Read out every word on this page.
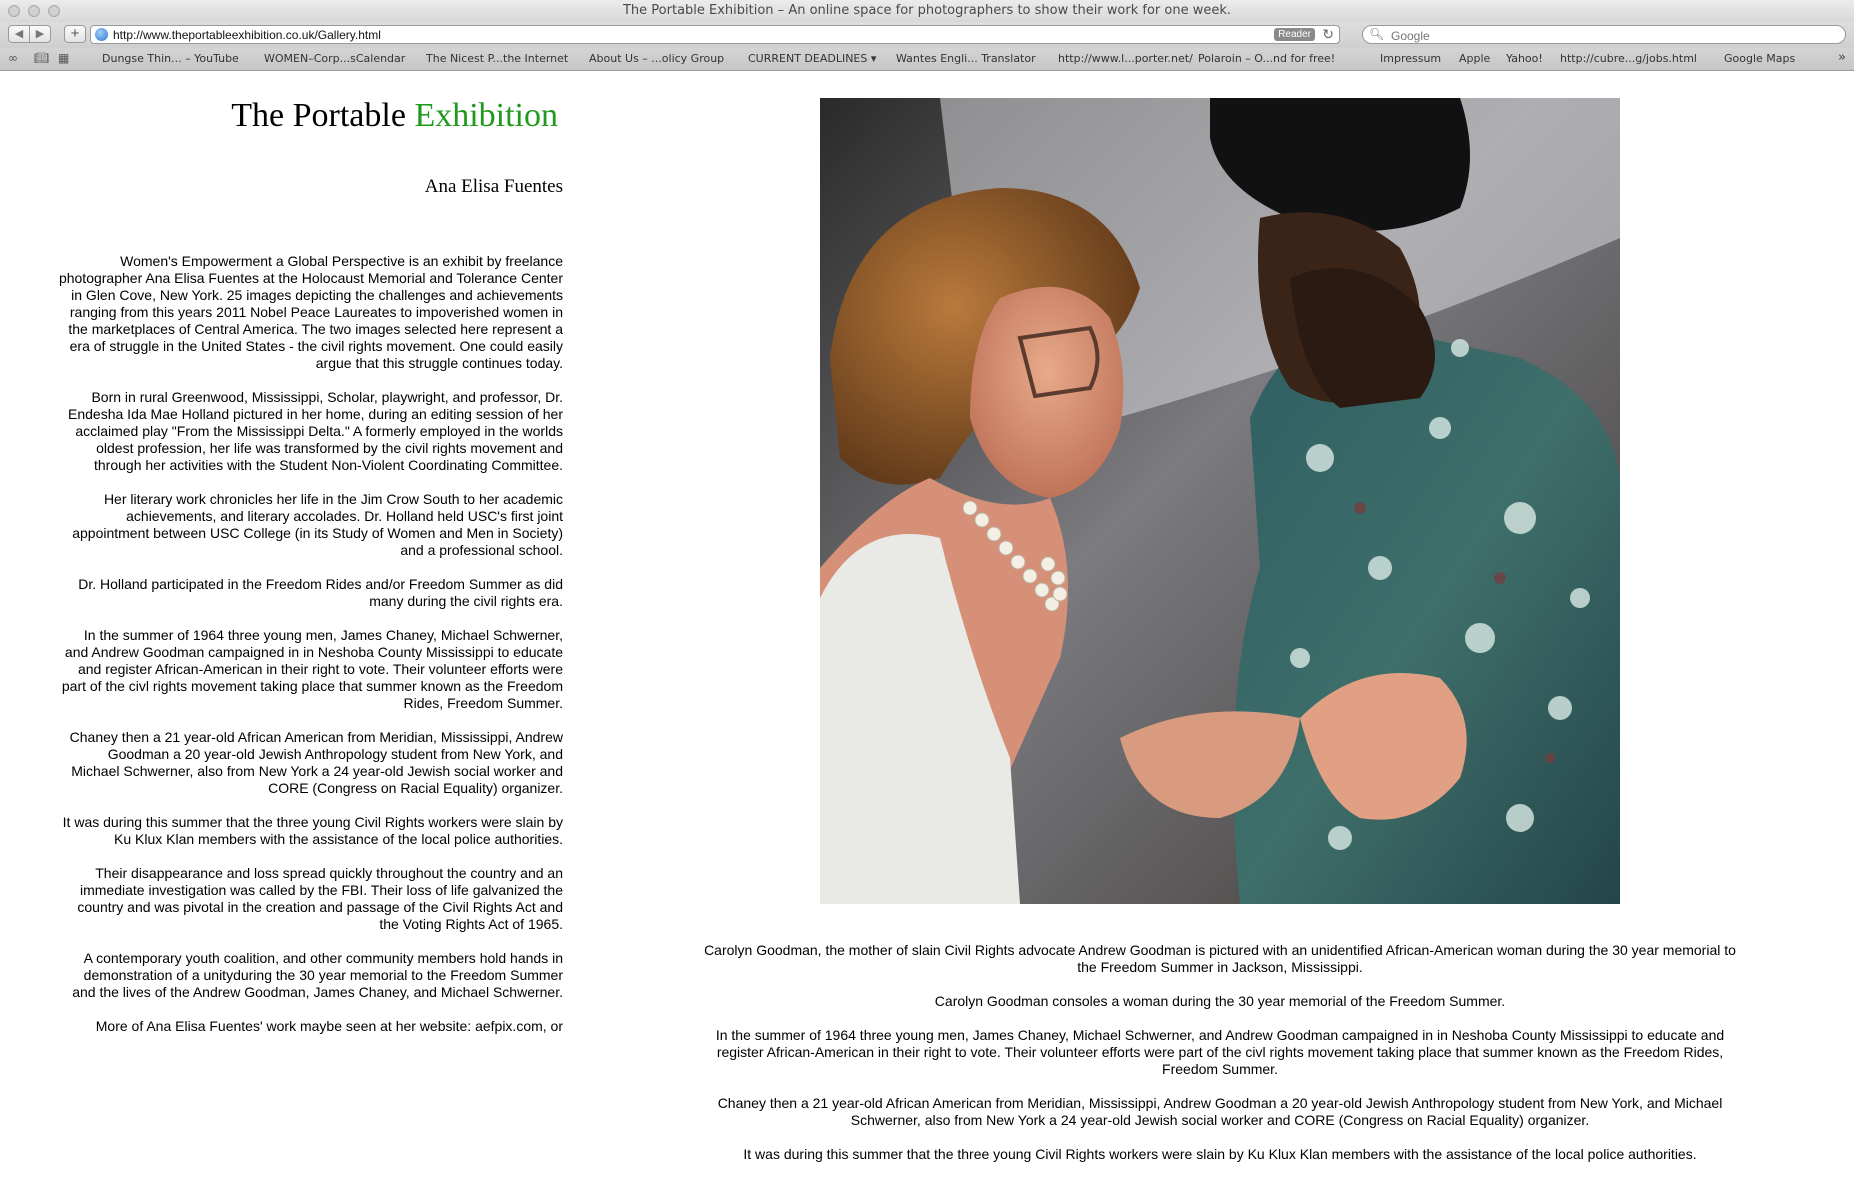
The Portable Exhibition – An online space for photographers to show their work for one week.
◀	▶	+	http://www.theportableexhibition.co.uk/Gallery.html	Reader ↻	🔍︎
Google
∞ 📖︎ ▦	Dungse Thin... – YouTube WOMEN–Corp...sCalendar The Nicest P...the Internet About Us – ...olicy Group CURRENT DEADLINES ▾ Wantes Engli... Translator http://www.l...porter.net/ Polaroin – O...nd for free!	Impressum Apple Yahoo! http://cubre...g/jobs.html Google Maps	»
The Portable Exhibition
Ana Elisa Fuentes

Women's Empowerment a Global Perspective is an exhibit by freelance photographer Ana Elisa Fuentes at the Holocaust Memorial and Tolerance Center in Glen Cove, New York. 25 images depicting the challenges and achievements ranging from this years 2011 Nobel Peace Laureates to impoverished women in the marketplaces of Central America. The two images selected here represent a era of struggle in the United States - the civil rights movement. One could easily argue that this struggle continues today.

Born in rural Greenwood, Mississippi, Scholar, playwright, and professor, Dr. Endesha Ida Mae Holland pictured in her home, during an editing session of her acclaimed play "From the Mississippi Delta." A formerly employed in the worlds oldest profession, her life was transformed by the civil rights movement and through her activities with the Student Non-Violent Coordinating Committee.

Her literary work chronicles her life in the Jim Crow South to her academic achievements, and literary accolades. Dr. Holland held USC's first joint appointment between USC College (in its Study of Women and Men in Society) and a professional school.

Dr. Holland participated in the Freedom Rides and/or Freedom Summer as did many during the civil rights era.

In the summer of 1964 three young men, James Chaney, Michael Schwerner, and Andrew Goodman campaigned in in Neshoba County Mississippi to educate and register African-American in their right to vote. Their volunteer efforts were part of the civl rights movement taking place that summer known as the Freedom Rides, Freedom Summer.

Chaney then a 21 year-old African American from Meridian, Mississippi, Andrew Goodman a 20 year-old Jewish Anthropology student from New York, and Michael Schwerner, also from New York a 24 year-old Jewish social worker and CORE (Congress on Racial Equality) organizer.

It was during this summer that the three young Civil Rights workers were slain by Ku Klux Klan members with the assistance of the local police authorities.

Their disappearance and loss spread quickly throughout the country and an immediate investigation was called by the FBI. Their loss of life galvanized the country and was pivotal in the creation and passage of the Civil Rights Act and the Voting Rights Act of 1965.

A contemporary youth coalition, and other community members hold hands in demonstration of a unityduring the 30 year memorial to the Freedom Summer and the lives of the Andrew Goodman, James Chaney, and Michael Schwerner.

More of Ana Elisa Fuentes' work maybe seen at her website: aefpix.com, or

Carolyn Goodman, the mother of slain Civil Rights advocate Andrew Goodman is pictured with an unidentified African-American woman during the 30 year memorial to the Freedom Summer in Jackson, Mississippi.

Carolyn Goodman consoles a woman during the 30 year memorial of the Freedom Summer.

In the summer of 1964 three young men, James Chaney, Michael Schwerner, and Andrew Goodman campaigned in in Neshoba County Mississippi to educate and register African-American in their right to vote. Their volunteer efforts were part of the civl rights movement taking place that summer known as the Freedom Rides, Freedom Summer.

Chaney then a 21 year-old African American from Meridian, Mississippi, Andrew Goodman a 20 year-old Jewish Anthropology student from New York, and Michael Schwerner, also from New York a 24 year-old Jewish social worker and CORE (Congress on Racial Equality) organizer.

It was during this summer that the three young Civil Rights workers were slain by Ku Klux Klan members with the assistance of the local police authorities.
